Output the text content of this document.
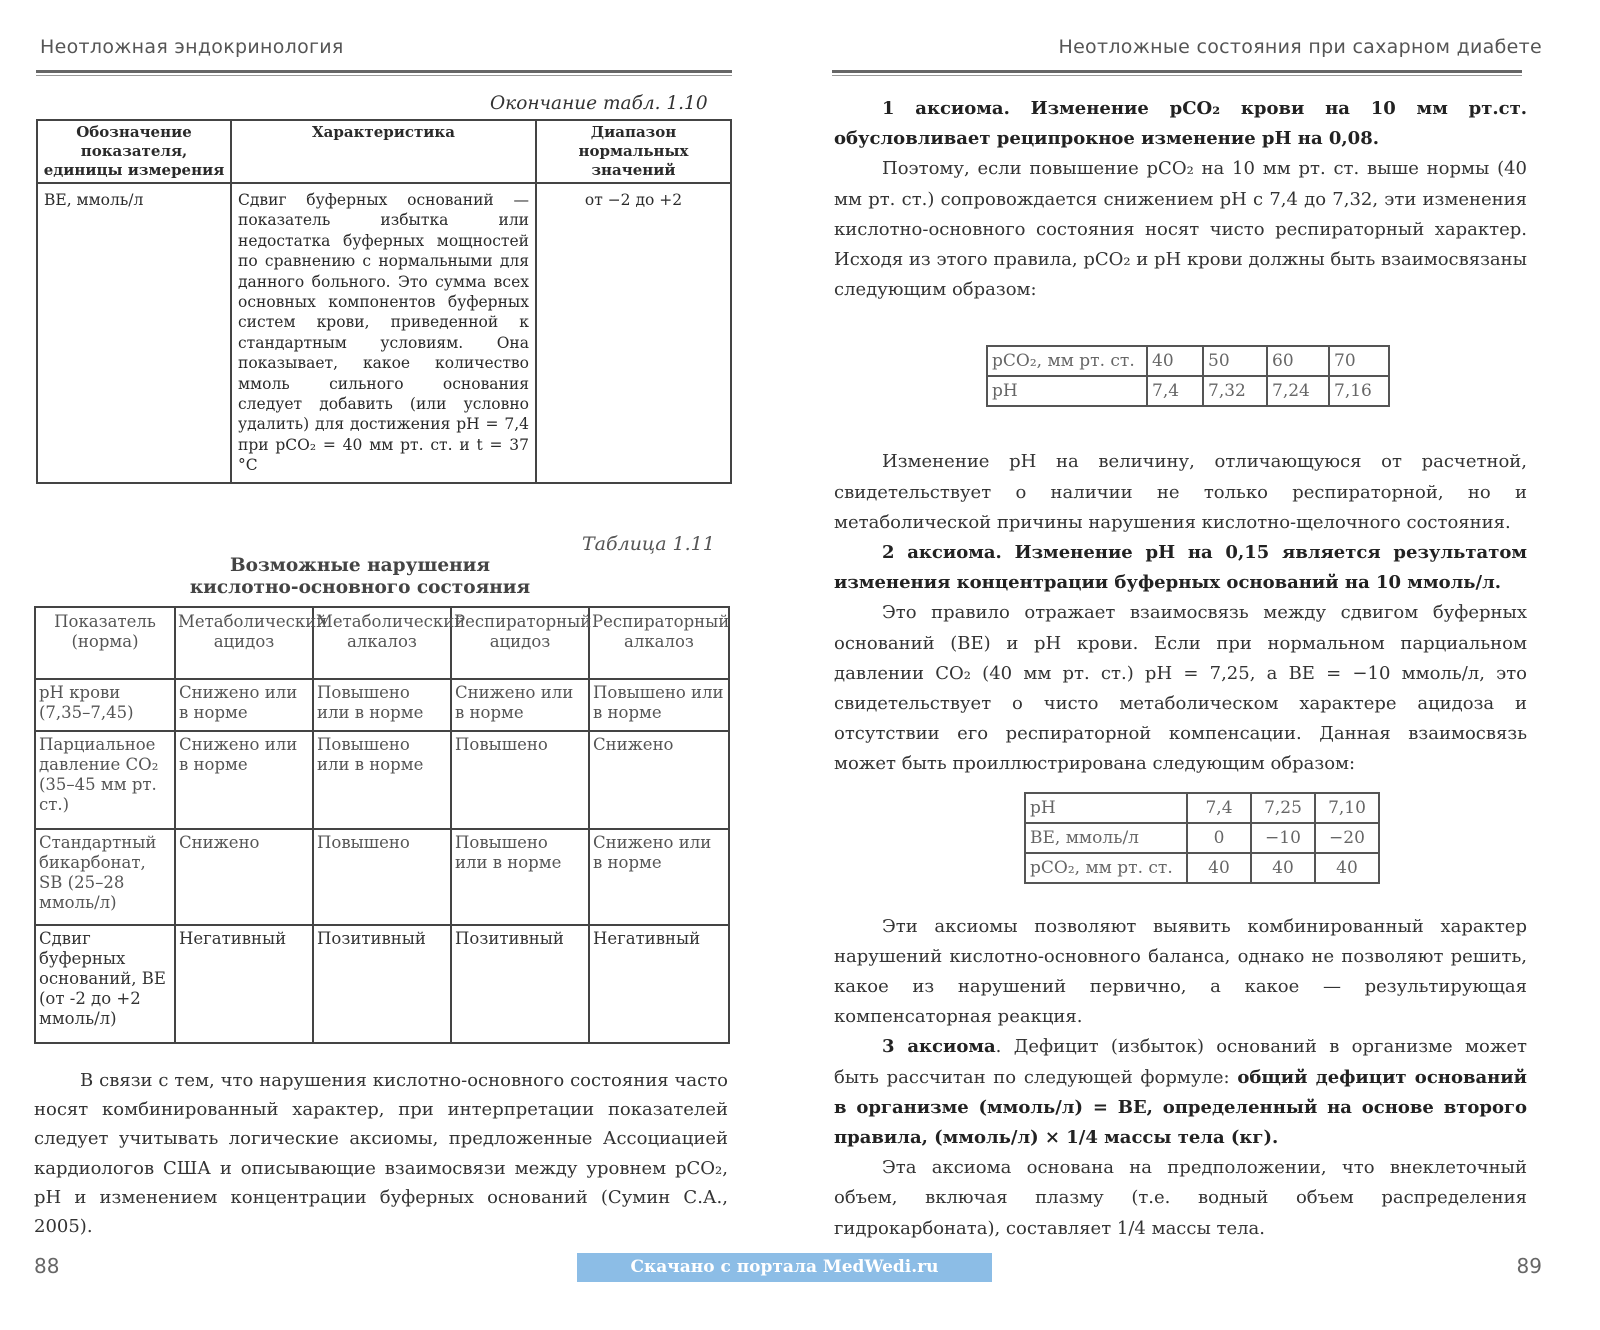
Неотложная эндокринология
Окончание табл. 1.10
Обозначение показателя, единицы измерения	Характеристика	Диапазон нормальных значений
BE, ммоль/л	Сдвиг буферных оснований — показатель избытка или недостатка буферных мощностей по сравнению с нормальными для данного больного. Это сумма всех основных компонентов буферных систем крови, приведенной к стандартным условиям. Она показывает, какое количество ммоль сильного основания следует добавить (или условно удалить) для достижения pH = 7,4 при pCO₂ = 40 мм рт. ст. и t = 37 °C	от −2 до +2
Таблица 1.11
Возможные нарушения
кислотно-основного состояния
Показатель (норма)	Метаболический ацидоз	Метаболический алкалоз	Респираторный ацидоз	Респираторный алкалоз
pH крови (7,35–7,45)	Снижено или в норме	Повышено или в норме	Снижено или в норме	Повышено или в норме
Парциальное давление CO₂ (35–45 мм рт. ст.)	Снижено или в норме	Повышено или в норме	Повышено	Снижено
Стандартный бикарбонат, SB (25–28 ммоль/л)	Снижено	Повышено	Повышено или в норме	Снижено или в норме
Сдвиг буферных оснований, BE (от -2 до +2 ммоль/л)	Негативный	Позитивный	Позитивный	Негативный
В связи с тем, что нарушения кислотно-основного состояния часто носят комбинированный характер, при интерпретации показателей следует учитывать логические аксиомы, предложенные Ассоциацией кардиологов США и описывающие взаимосвязи между уровнем pCO₂, pH и изменением концентрации буферных оснований (Сумин С.А., 2005).
88
Неотложные состояния при сахарном диабете

1 аксиома. Изменение pCO₂ крови на 10 мм рт.ст. обусловливает реципрокное изменение pH на 0,08.

Поэтому, если повышение pCO₂ на 10 мм рт. ст. выше нормы (40 мм рт. ст.) сопровождается снижением pH с 7,4 до 7,32, эти изменения кислотно-основного состояния носят чисто респираторный характер. Исходя из этого правила, pCO₂ и pH крови должны быть взаимосвязаны следующим образом:

pCO₂, мм рт. ст.	40	50	60	70
pH	7,4	7,32	7,24	7,16

Изменение pH на величину, отличающуюся от расчетной, свидетельствует о наличии не только респираторной, но и метаболической причины нарушения кислотно-щелочного состояния.

2 аксиома. Изменение pH на 0,15 является результатом изменения концентрации буферных оснований на 10 ммоль/л.

Это правило отражает взаимосвязь между сдвигом буферных оснований (BE) и pH крови. Если при нормальном парциальном давлении CO₂ (40 мм рт. ст.) pH = 7,25, а BE = −10 ммоль/л, это свидетельствует о чисто метаболическом характере ацидоза и отсутствии его респираторной компенсации. Данная взаимосвязь может быть проиллюстрирована следующим образом:

pH	7,4	7,25	7,10
BE, ммоль/л	0	−10	−20
pCO₂, мм рт. ст.	40	40	40

Эти аксиомы позволяют выявить комбинированный характер нарушений кислотно-основного баланса, однако не позволяют решить, какое из нарушений первично, а какое — результирующая компенсаторная реакция.

3 аксиома. Дефицит (избыток) оснований в организме может быть рассчитан по следующей формуле: общий дефицит оснований в организме (ммоль/л) = BE, определенный на основе второго правила, (ммоль/л) × 1/4 массы тела (кг).

Эта аксиома основана на предположении, что внеклеточный объем, включая плазму (т.е. водный объем распределения гидрокарбоната), составляет 1/4 массы тела.

89
Скачано с портала MedWedi.ru
